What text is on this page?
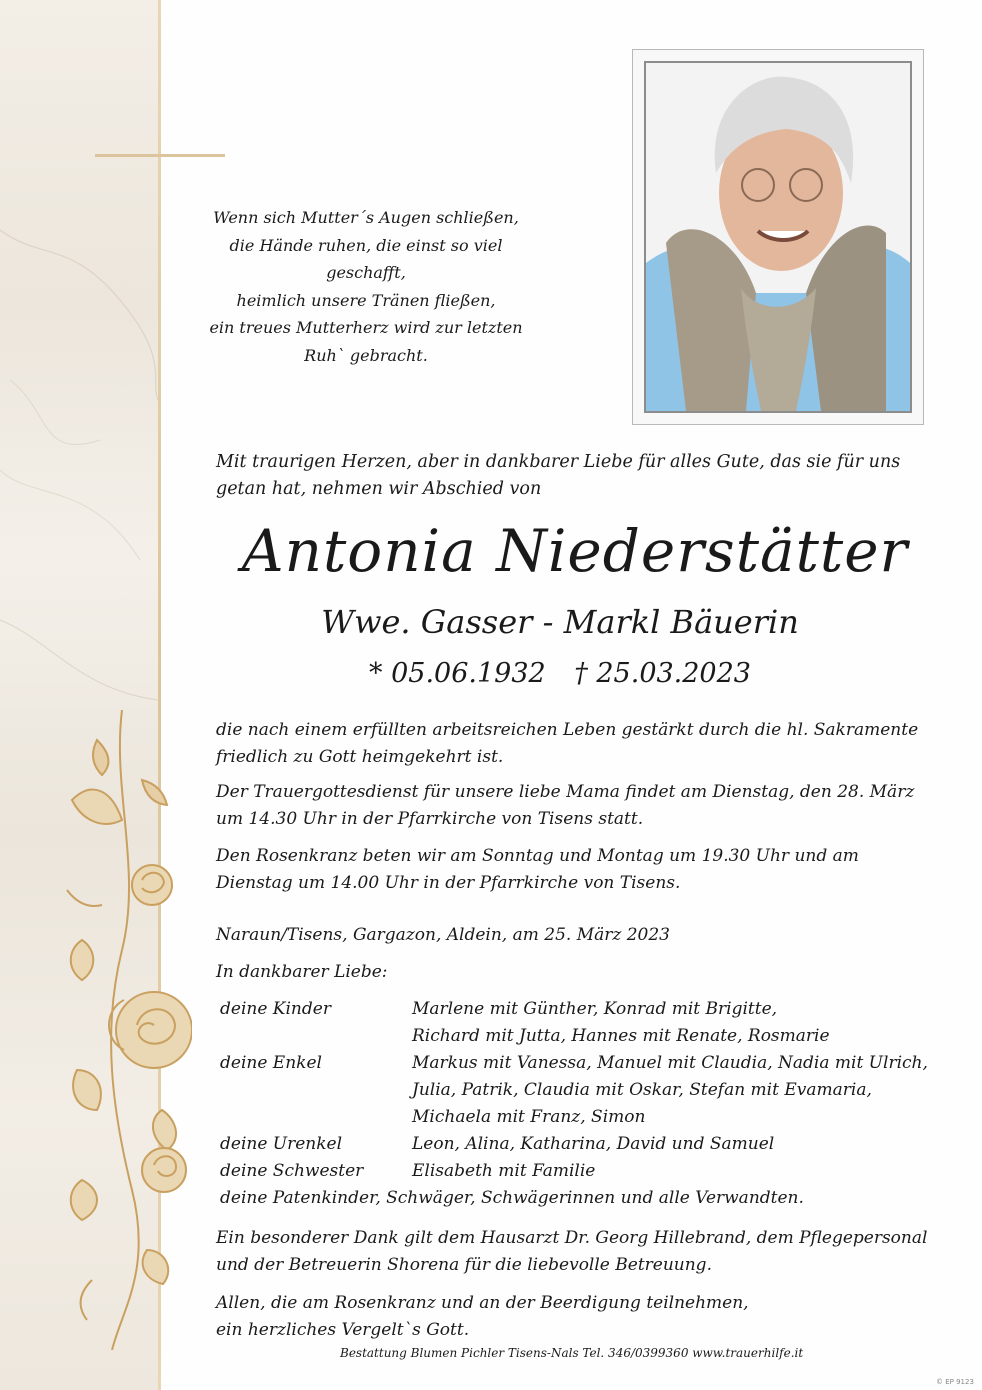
Wenn sich Mutter´s Augen schließen,
die Hände ruhen, die einst so viel geschafft,
heimlich unsere Tränen fließen,
ein treues Mutterherz wird zur letzten
Ruh` gebracht.
Mit traurigen Herzen, aber in dankbarer Liebe für alles Gute, das sie für uns
getan hat, nehmen wir Abschied von
Antonia Niederstätter
Wwe. Gasser - Markl Bäuerin
* 05.06.1932 † 25.03.2023
die nach einem erfüllten arbeitsreichen Leben gestärkt durch die hl. Sakramente
friedlich zu Gott heimgekehrt ist.
Der Trauergottesdienst für unsere liebe Mama findet am Dienstag, den 28. März
um 14.30 Uhr in der Pfarrkirche von Tisens statt.
Den Rosenkranz beten wir am Sonntag und Montag um 19.30 Uhr und am
Dienstag um 14.00 Uhr in der Pfarrkirche von Tisens.
Naraun/Tisens, Gargazon, Aldein, am 25. März 2023
In dankbarer Liebe:
deine Kinder	Marlene mit Günther, Konrad mit Brigitte,
Richard mit Jutta, Hannes mit Renate, Rosmarie
deine Enkel	Markus mit Vanessa, Manuel mit Claudia, Nadia mit Ulrich,
Julia, Patrik, Claudia mit Oskar, Stefan mit Evamaria,
Michaela mit Franz, Simon
deine Urenkel	Leon, Alina, Katharina, David und Samuel
deine Schwester	Elisabeth mit Familie
deine Patenkinder, Schwäger, Schwägerinnen und alle Verwandten.
Ein besonderer Dank gilt dem Hausarzt Dr. Georg Hillebrand, dem Pflegepersonal
und der Betreuerin Shorena für die liebevolle Betreuung.
Allen, die am Rosenkranz und an der Beerdigung teilnehmen,
ein herzliches Vergelt`s Gott.
Bestattung Blumen Pichler Tisens-Nals Tel. 346/0399360 www.trauerhilfe.it
© EP 9123
